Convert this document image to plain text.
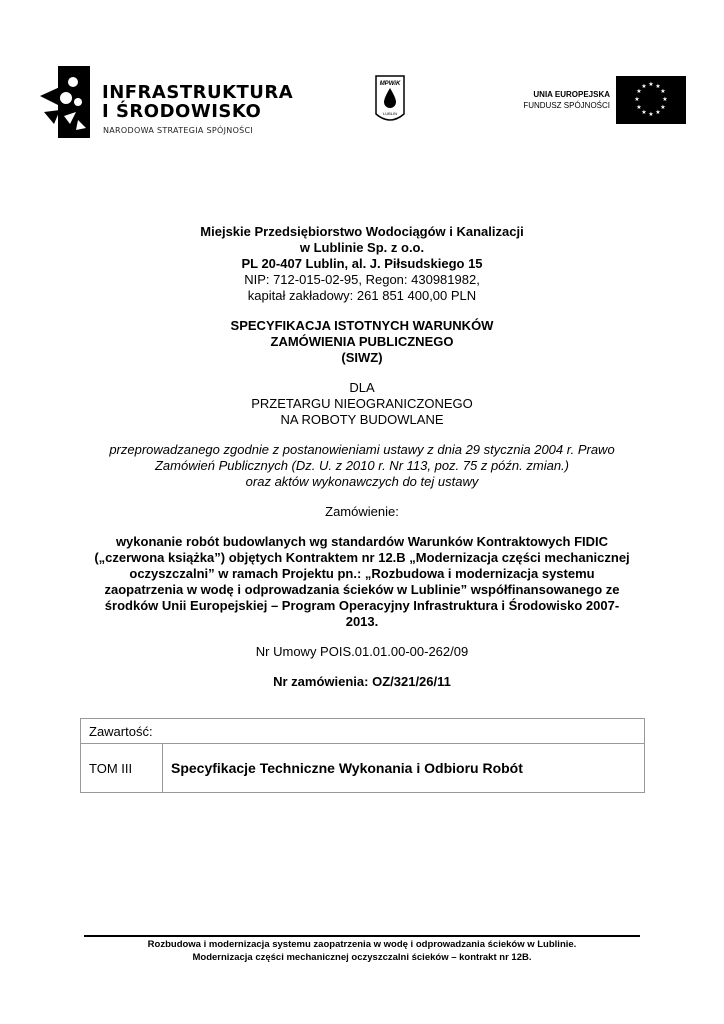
INFRASTRUKTURA
I ŚRODOWISKO
NARODOWA STRATEGIA SPÓJNOŚCI
MPWiK
LUBLIN
UNIA EUROPEJSKA
FUNDUSZ SPÓJNOŚCI
★ ★
★
★
★
★
★
★
★
★
★
★
Miejskie Przedsiębiorstwo Wodociągów i Kanalizacji
w Lublinie Sp. z o.o.
PL 20-407 Lublin, al. J. Piłsudskiego 15
NIP: 712-015-02-95, Regon: 430981982,
kapitał zakładowy: 261 851 400,00 PLN
SPECYFIKACJA ISTOTNYCH WARUNKÓW
ZAMÓWIENIA PUBLICZNEGO
(SIWZ)
DLA
PRZETARGU NIEOGRANICZONEGO
NA ROBOTY BUDOWLANE
przeprowadzanego zgodnie z postanowieniami ustawy z dnia 29 stycznia 2004 r. Prawo
Zamówień Publicznych (Dz. U. z 2010 r. Nr 113, poz. 75 z późn. zmian.)
oraz aktów wykonawczych do tej ustawy
Zamówienie:
wykonanie robót budowlanych wg standardów Warunków Kontraktowych FIDIC
(„czerwona książka”) objętych Kontraktem nr 12.B „Modernizacja części mechanicznej
oczyszczalni” w ramach Projektu pn.: „Rozbudowa i modernizacja systemu
zaopatrzenia w wodę i odprowadzania ścieków w Lublinie” współfinansowanego ze
środków Unii Europejskiej – Program Operacyjny Infrastruktura i Środowisko 2007-
2013.
Nr Umowy POIS.01.01.00-00-262/09
Nr zamówienia: OZ/321/26/11
Zawartość:
TOM III	Specyfikacje Techniczne Wykonania i Odbioru Robót
Rozbudowa i modernizacja systemu zaopatrzenia w wodę i odprowadzania ścieków w Lublinie.
Modernizacja części mechanicznej oczyszczalni ścieków – kontrakt nr 12B.
